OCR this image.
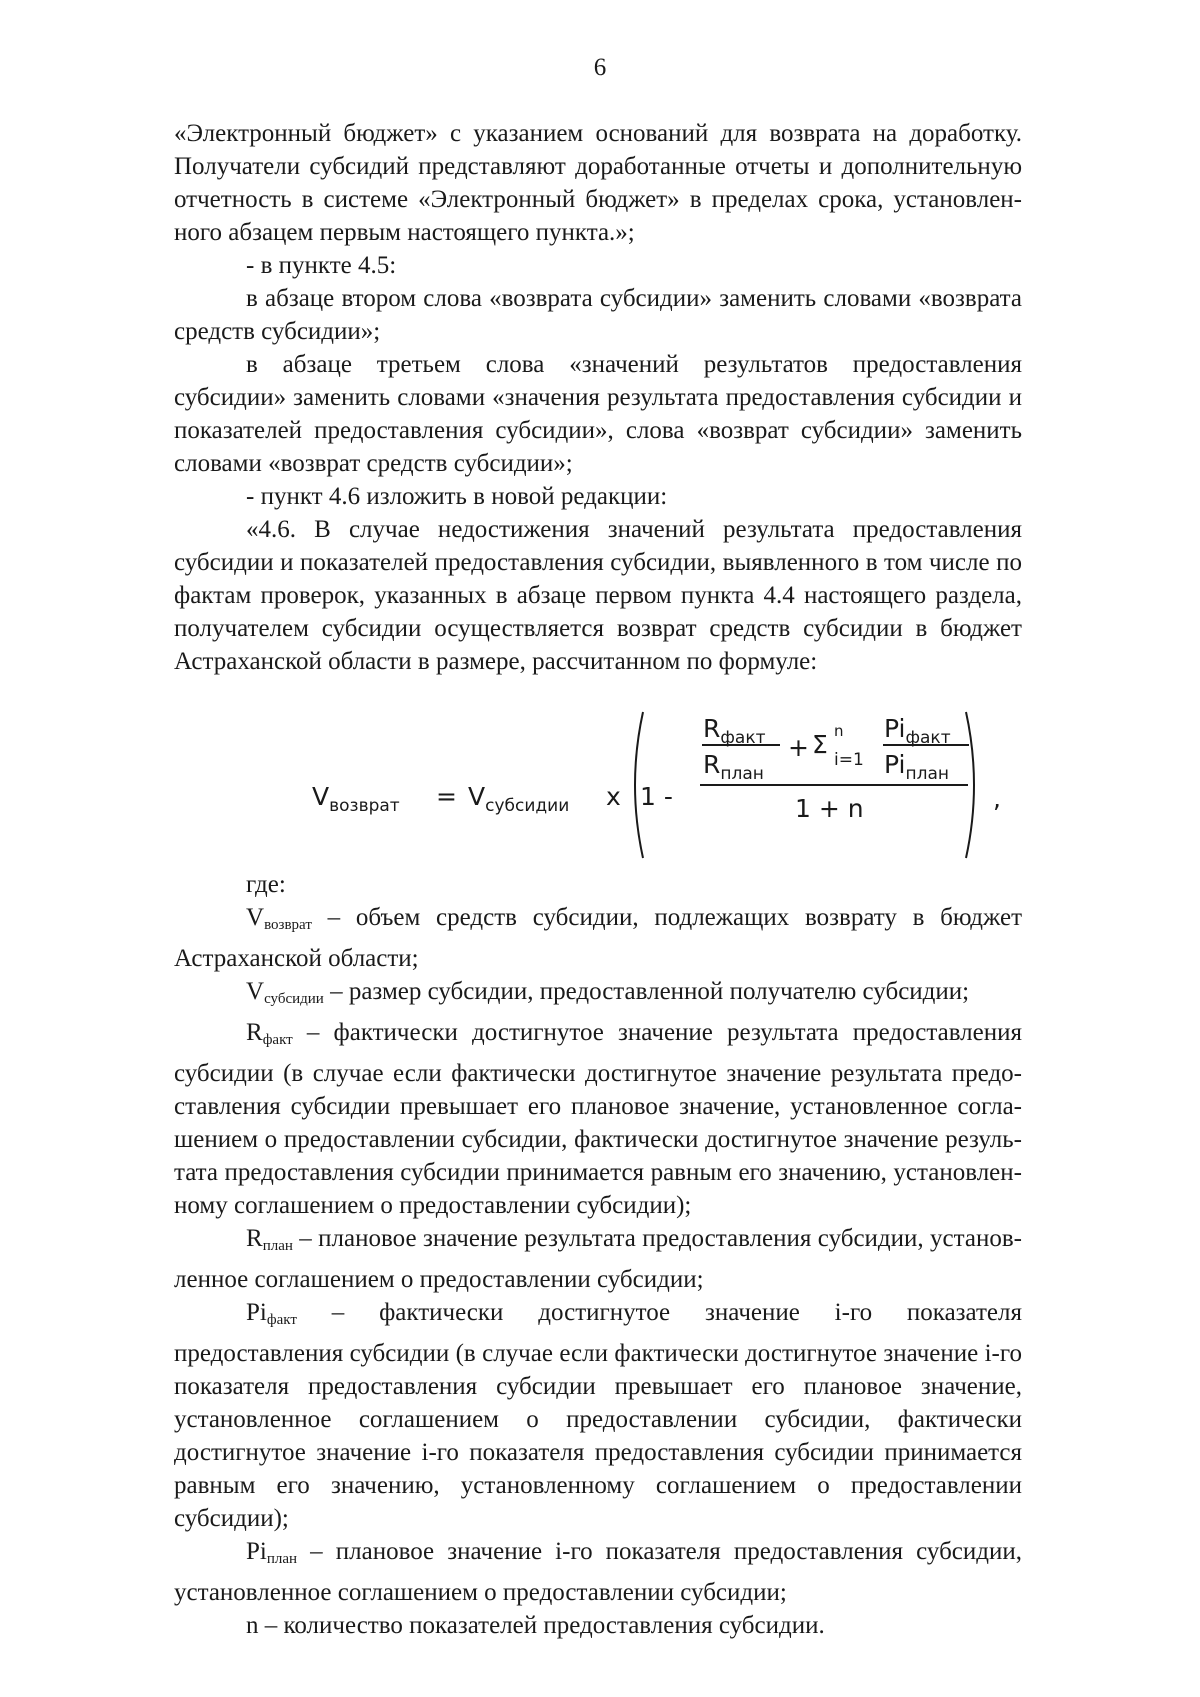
6

«Электронный бюджет» с указанием оснований для возврата на доработку. Получатели субсидий представляют доработанные отчеты и дополнительную отчетность в системе «Электронный бюджет» в пределах срока, установленного абзацем первым настоящего пункта.»;

- в пункте 4.5:

в абзаце втором слова «возврата субсидии» заменить словами «возврата средств субсидии»;

в абзаце третьем слова «значений результатов предоставления субсидии» заменить словами «значения результата предоставления субсидии и показателей предоставления субсидии», слова «возврат субсидии» заменить словами «возврат средств субсидии»;

- пункт 4.6 изложить в новой редакции:

«4.6. В случае недостижения значений результата предоставления субсидии и показателей предоставления субсидии, выявленного в том числе по фактам проверок, указанных в абзаце первом пункта 4.4 настоящего раздела, получателем субсидии осуществляется возврат средств субсидии в бюджет Астраханской области в размере, рассчитанном по формуле:

$V_{возврат} = V_{субсидии}$ x 1 -
$R_{факт}$
$R_{план}$
+ Σ n
i=1
$Pi_{факт}$
$Pi_{план}$
1 + n	,

где:

$V_{возврат}$ – объем средств субсидии, подлежащих возврату в бюджет Астраханской области;

$V_{субсидии}$ – размер субсидии, предоставленной получателю субсидии;

$R_{факт}$ – фактически достигнутое значение результата предоставления субсидии (в случае если фактически достигнутое значение результата предоставления субсидии превышает его плановое значение, установленное соглашением о предоставлении субсидии, фактически достигнутое значение результата предоставления субсидии принимается равным его значению, установленному соглашением о предоставлении субсидии);

$R_{план}$ – плановое значение результата предоставления субсидии, установленное соглашением о предоставлении субсидии;

$Pi_{факт}$ – фактически достигнутое значение i-го показателя предоставления субсидии (в случае если фактически достигнутое значение i-го показателя предоставления субсидии превышает его плановое значение, установленное соглашением о предоставлении субсидии, фактически достигнутое значение i-го показателя предоставления субсидии принимается равным его значению, установленному соглашением о предоставлении субсидии);

$Pi_{план}$ – плановое значение i-го показателя предоставления субсидии, установленное соглашением о предоставлении субсидии;

n – количество показателей предоставления субсидии.
